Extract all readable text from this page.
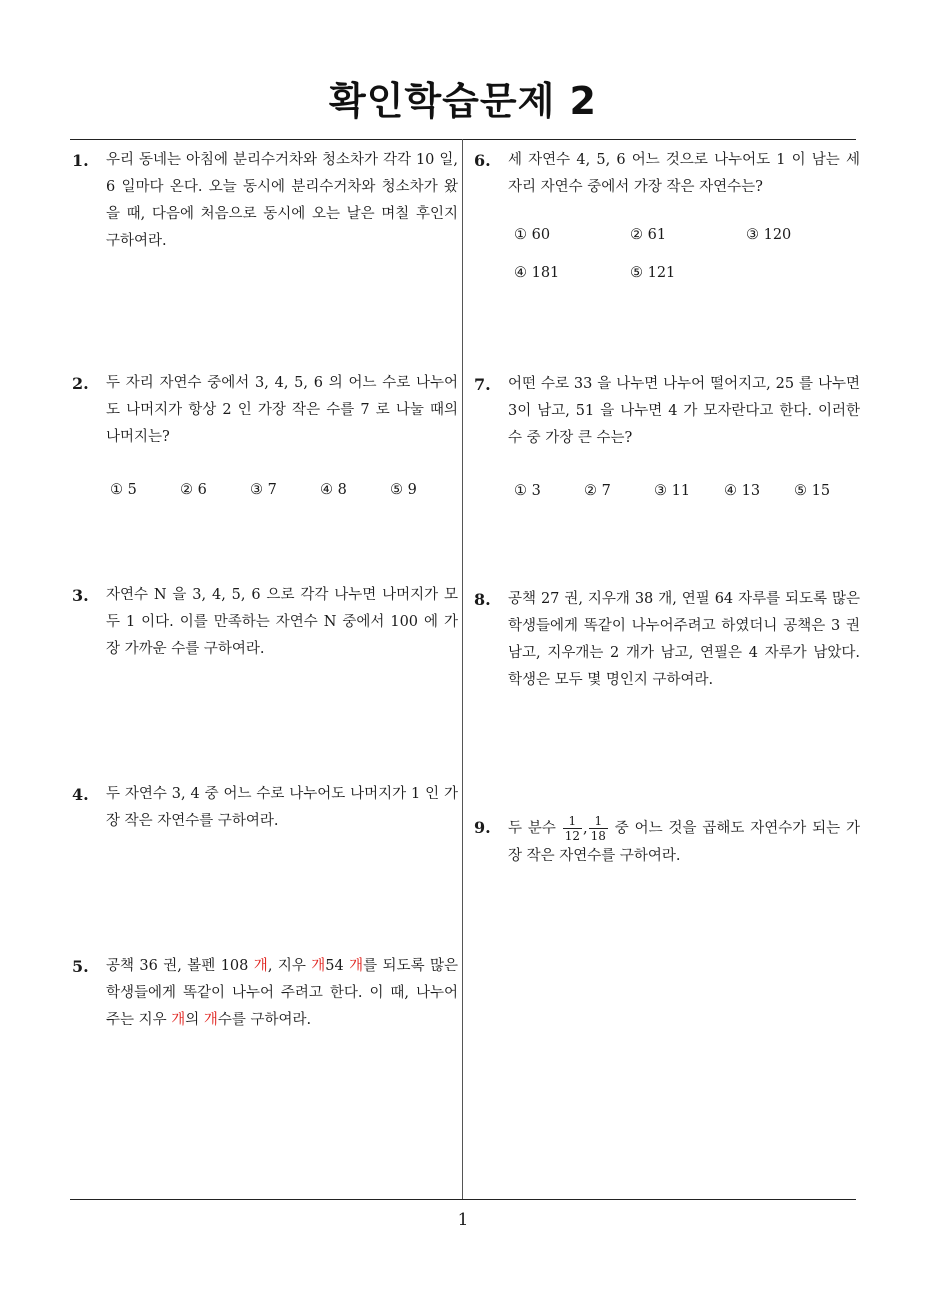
확인학습문제 2
1. 우리 동네는 아침에 분리수거차와 청소차가 각각 10 일, 6 일마다 온다. 오늘 동시에 분리수거차와 청소차가 왔을 때, 다음에 처음으로 동시에 오는 날은 며칠 후인지 구하여라.
2. 두 자리 자연수 중에서 3, 4, 5, 6 의 어느 수로 나누어도 나머지가 항상 2 인 가장 작은 수를 7 로 나눌 때의 나머지는?
① 5	② 6	③ 7	④ 8	⑤ 9
3. 자연수 N 을 3, 4, 5, 6 으로 각각 나누면 나머지가 모두 1 이다. 이를 만족하는 자연수 N 중에서 100 에 가장 가까운 수를 구하여라.
4. 두 자연수 3, 4 중 어느 수로 나누어도 나머지가 1 인 가장 작은 자연수를 구하여라.
5. 공책 36 권, 볼펜 108 개, 지우 개54 개를 되도록 많은 학생들에게 똑같이 나누어 주려고 한다. 이 때, 나누어 주는 지우 개의 개수를 구하여라.
6. 세 자연수 4, 5, 6 어느 것으로 나누어도 1 이 남는 세 자리 자연수 중에서 가장 작은 자연수는?
① 60	② 61	③ 120
④ 181	⑤ 121
7. 어떤 수로 33 을 나누면 나누어 떨어지고, 25 를 나누면 3이 남고, 51 을 나누면 4 가 모자란다고 한다. 이러한 수 중 가장 큰 수는?
① 3	② 7	③ 11 ④ 13 ⑤ 15
8. 공책 27 권, 지우개 38 개, 연필 64 자루를 되도록 많은 학생들에게 똑같이 나누어주려고 하였더니 공책은 3 권 남고, 지우개는 2 개가 남고, 연필은 4 자루가 남았다. 학생은 모두 몇 명인지 구하여라.
9. 두 분수 $\frac{1}{12}$ , $\frac{1}{18}$ 중 어느 것을 곱해도 자연수가 되는 가장 작은 자연수를 구하여라.
1
